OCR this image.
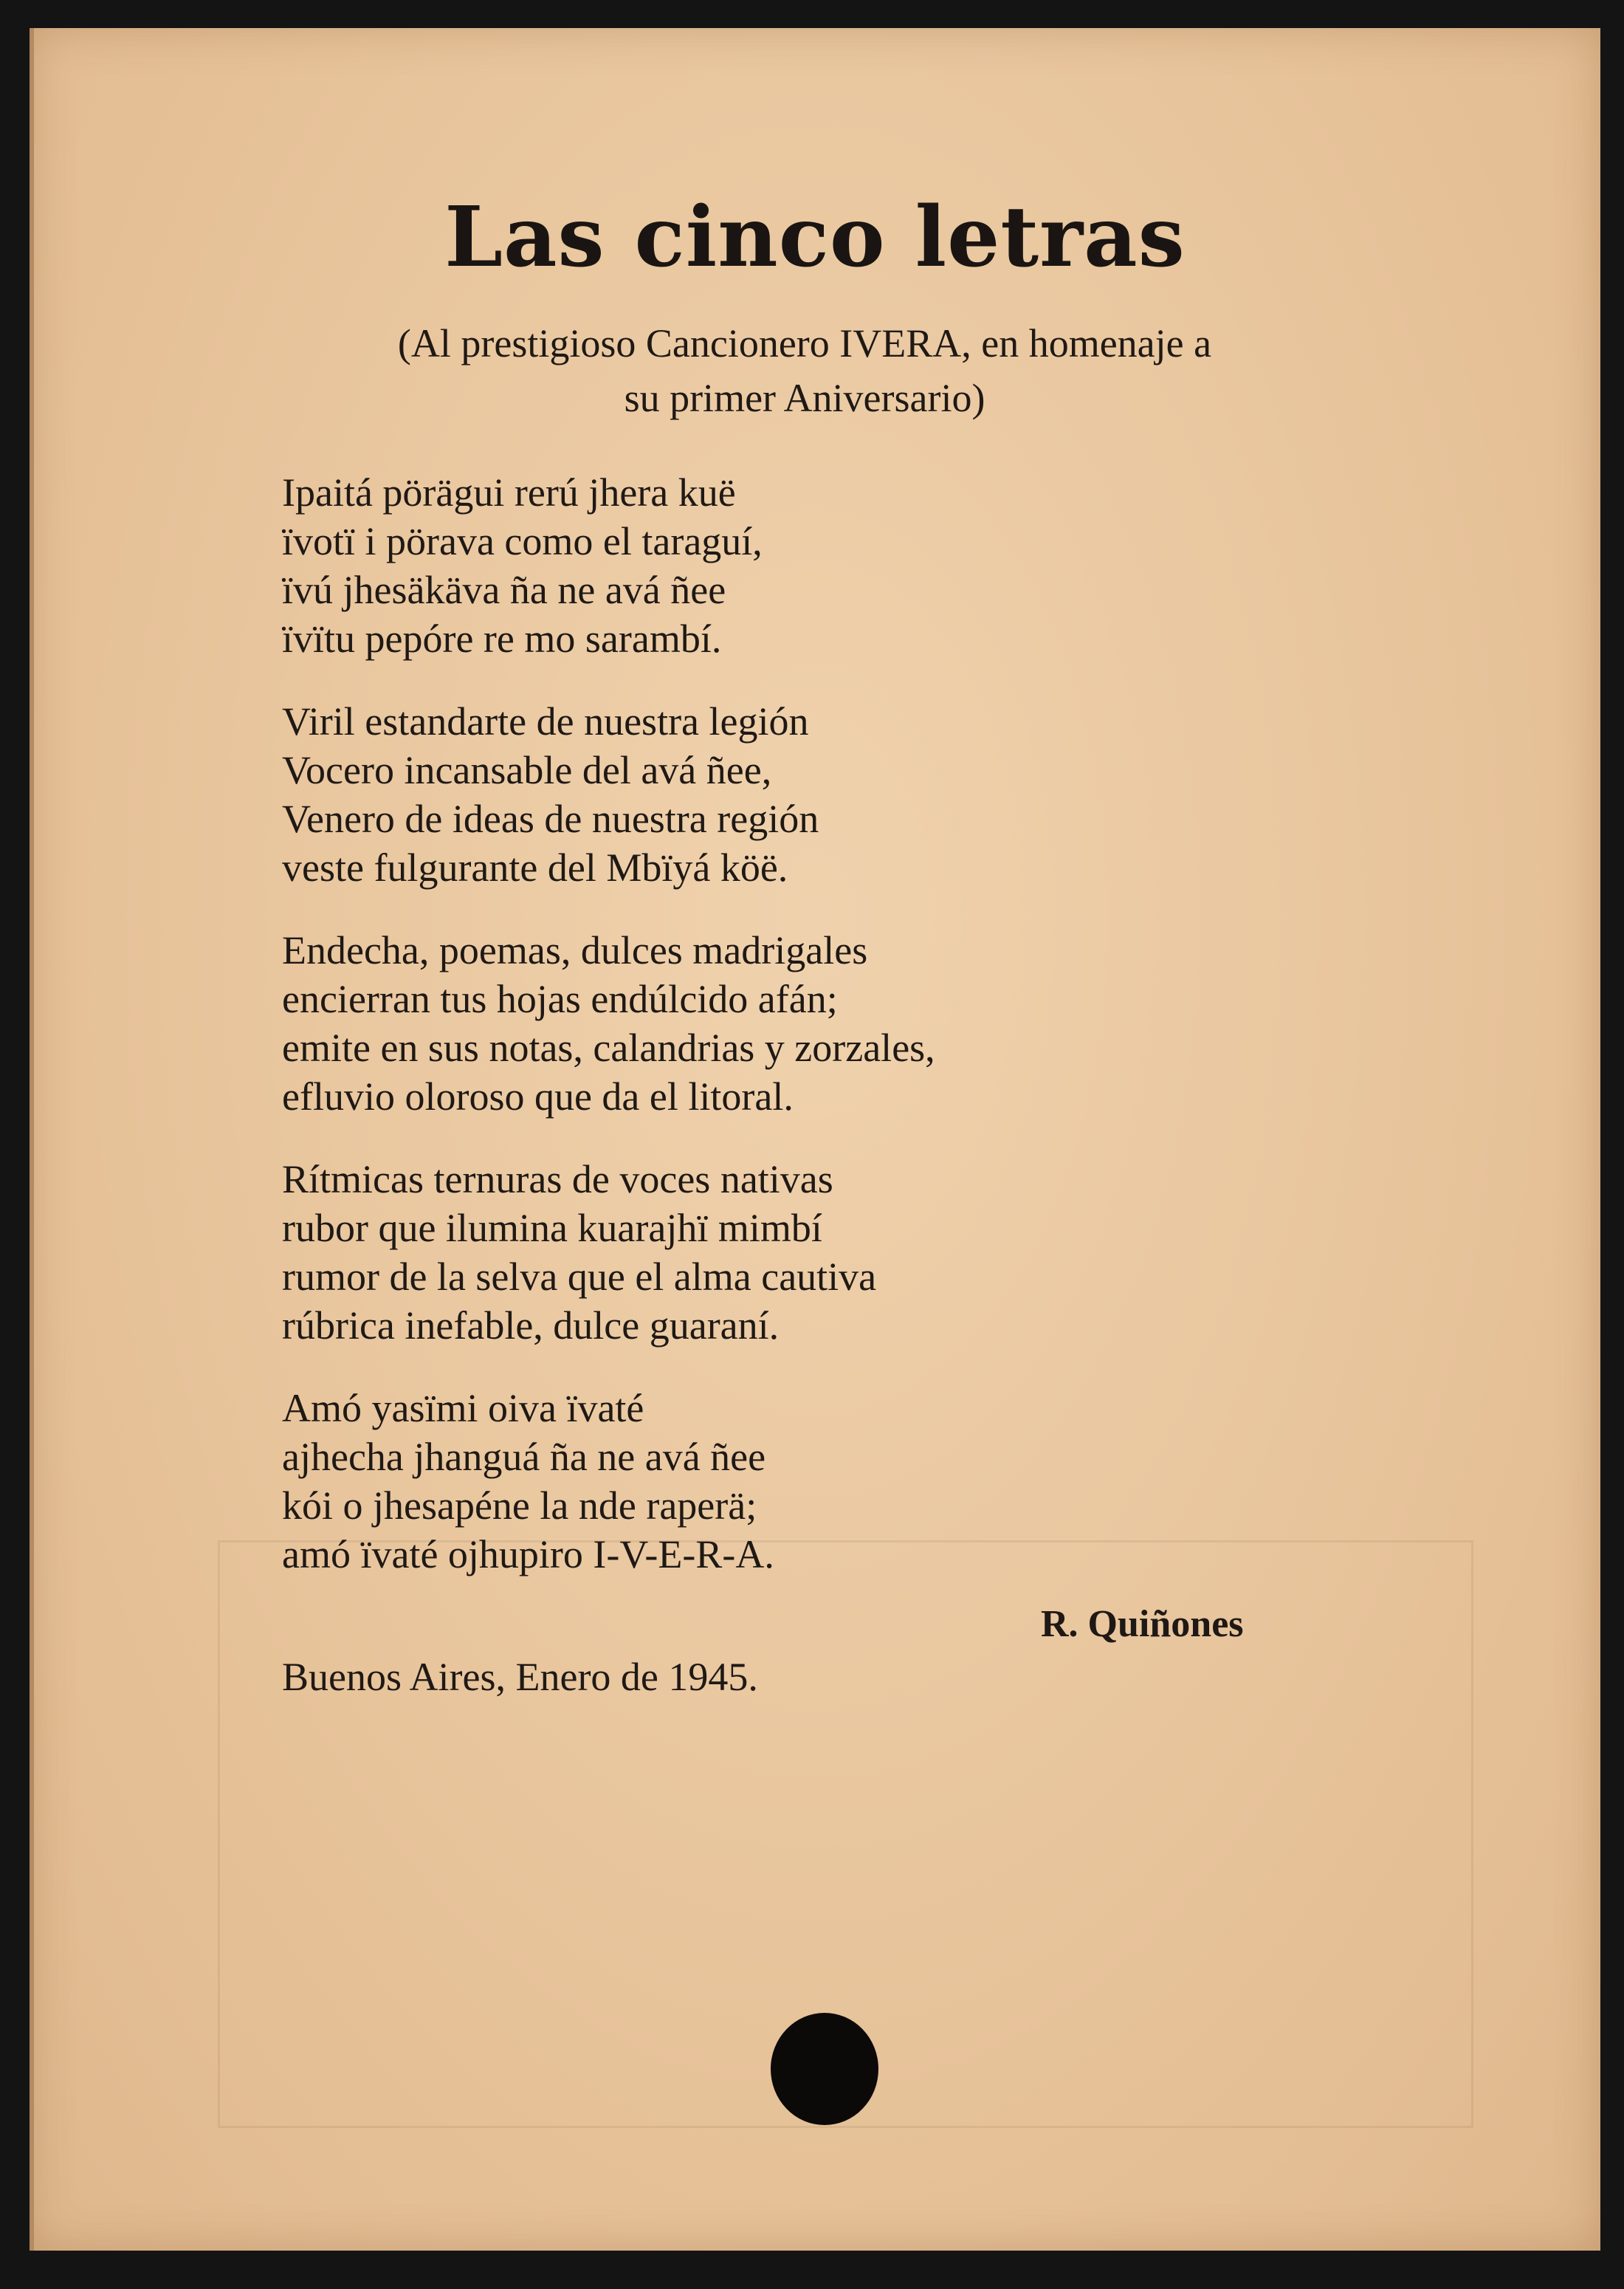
Las cinco letras
(Al prestigioso Cancionero IVERA, en homenaje a
su primer Aniversario)
Ipaitá pörägui rerú jhera kuë
ïvotï i pörava como el taraguí,
ïvú jhesäkäva ña ne avá ñee
ïvïtu pepóre re mo sarambí.
Viril estandarte de nuestra legión
Vocero incansable del avá ñee,
Venero de ideas de nuestra región
veste fulgurante del Mbïyá köë.
Endecha, poemas, dulces madrigales
encierran tus hojas endúlcido afán;
emite en sus notas, calandrias y zorzales,
efluvio oloroso que da el litoral.
Rítmicas ternuras de voces nativas
rubor que ilumina kuarajhï mimbí
rumor de la selva que el alma cautiva
rúbrica inefable, dulce guaraní.
Amó yasïmi oiva ïvaté
ajhecha jhanguá ña ne avá ñee
kói o jhesapéne la nde raperä;
amó ïvaté ojhupiro I-V-E-R-A.
R. Quiñones
Buenos Aires, Enero de 1945.
